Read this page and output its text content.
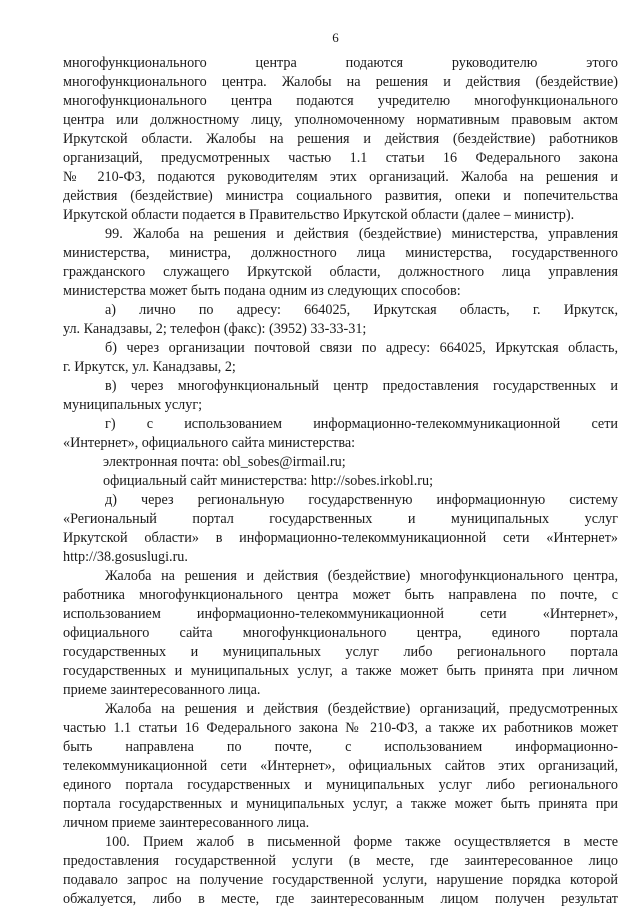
6

многофункционального центра подаются руководителю этого

многофункционального центра. Жалобы на решения и действия (бездействие)

многофункционального центра подаются учредителю многофункционального

центра или должностному лицу, уполномоченному нормативным правовым актом

Иркутской области. Жалобы на решения и действия (бездействие) работников

организаций, предусмотренных частью 1.1 статьи 16 Федерального закона

№ 210-ФЗ, подаются руководителям этих организаций. Жалоба на решения и

действия (бездействие) министра социального развития, опеки и попечительства

Иркутской области подается в Правительство Иркутской области (далее – министр).

99. Жалоба на решения и действия (бездействие) министерства, управления

министерства, министра, должностного лица министерства, государственного

гражданского служащего Иркутской области, должностного лица управления

министерства может быть подана одним из следующих способов:

а) лично по адресу: 664025, Иркутская область, г. Иркутск,

ул. Канадзавы, 2; телефон (факс): (3952) 33-33-31;

б) через организации почтовой связи по адресу: 664025, Иркутская область,

г. Иркутск, ул. Канадзавы, 2;

в) через многофункциональный центр предоставления государственных и

муниципальных услуг;

г) с использованием информационно-телекоммуникационной сети

«Интернет», официального сайта министерства:

электронная почта: obl_sobes@irmail.ru;

официальный сайт министерства: http://sobes.irkobl.ru;

д) через региональную государственную информационную систему

«Региональный портал государственных и муниципальных услуг

Иркутской области» в информационно-телекоммуникационной сети «Интернет»

http://38.gosuslugi.ru.

Жалоба на решения и действия (бездействие) многофункционального центра,

работника многофункционального центра может быть направлена по почте, с

использованием информационно-телекоммуникационной сети «Интернет»,

официального сайта многофункционального центра, единого портала

государственных и муниципальных услуг либо регионального портала

государственных и муниципальных услуг, а также может быть принята при личном

приеме заинтересованного лица.

Жалоба на решения и действия (бездействие) организаций, предусмотренных

частью 1.1 статьи 16 Федерального закона № 210-ФЗ, а также их работников может

быть направлена по почте, с использованием информационно-

телекоммуникационной сети «Интернет», официальных сайтов этих организаций,

единого портала государственных и муниципальных услуг либо регионального

портала государственных и муниципальных услуг, а также может быть принята при

личном приеме заинтересованного лица.

100. Прием жалоб в письменной форме также осуществляется в месте

предоставления государственной услуги (в месте, где заинтересованное лицо

подавало запрос на получение государственной услуги, нарушение порядка которой

обжалуется, либо в месте, где заинтересованным лицом получен результат
